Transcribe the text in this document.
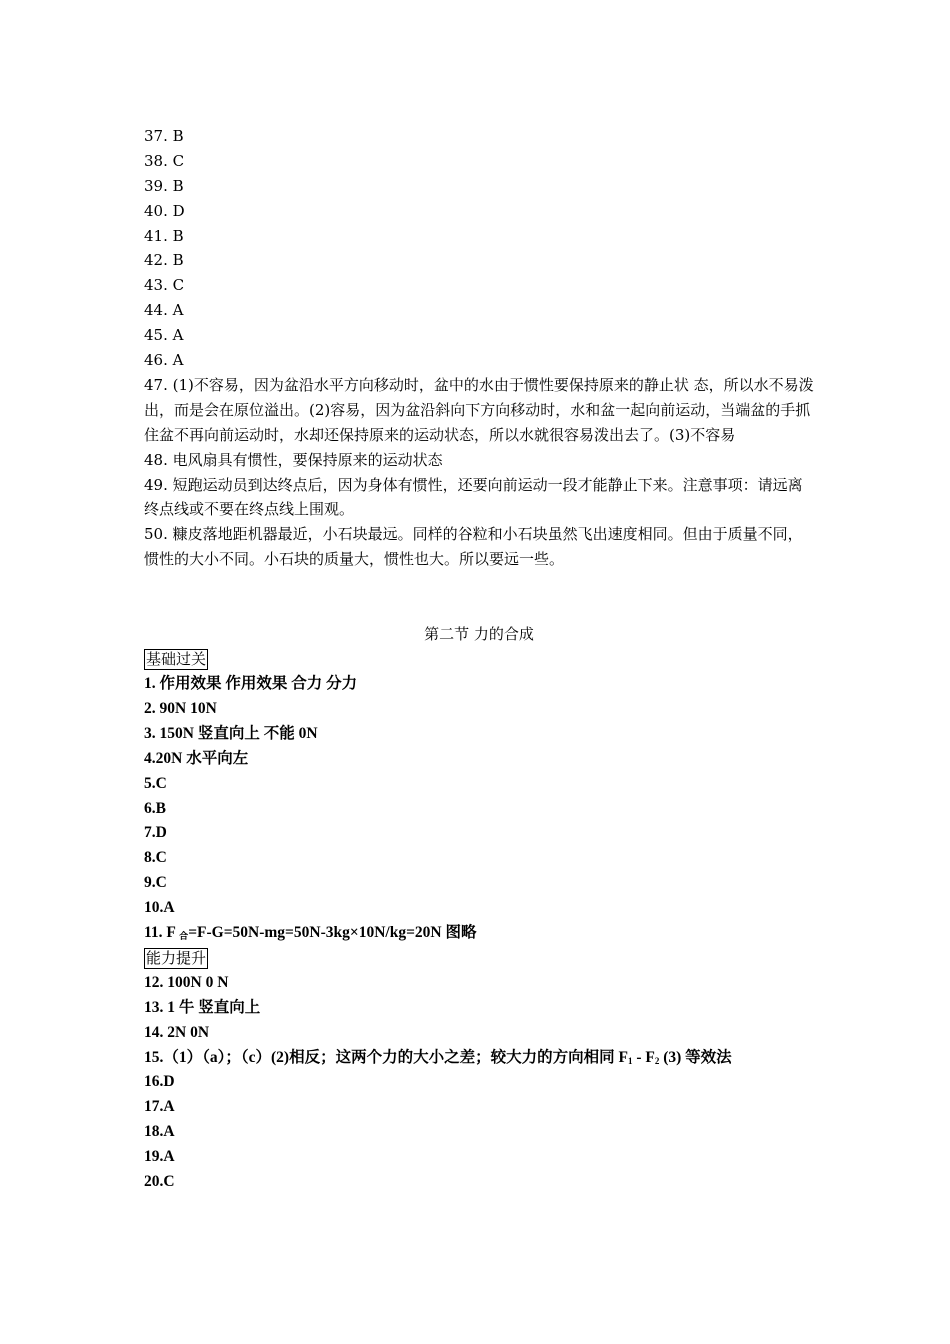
37. B
38. C
39. B
40. D
41. B
42. B
43. C
44. A
45. A
46. A
47. (1)不容易，因为盆沿水平方向移动时，盆中的水由于惯性要保持原来的静止状 态，所以水不易泼出，而是会在原位溢出。(2)容易，因为盆沿斜向下方向移动时，水和盆一起向前运动，当端盆的手抓住盆不再向前运动时，水却还保持原来的运动状态，所以水就很容易泼出去了。(3)不容易
48. 电风扇具有惯性，要保持原来的运动状态
49. 短跑运动员到达终点后，因为身体有惯性，还要向前运动一段才能静止下来。注意事项：请远离终点线或不要在终点线上围观。
50. 糠皮落地距机器最近，小石块最远。同样的谷粒和小石块虽然飞出速度相同。但由于质量不同，惯性的大小不同。小石块的质量大，惯性也大。所以要远一些。
第二节 力的合成
基础过关
1. 作用效果 作用效果 合力 分力
2. 90N 10N
3. 150N 竖直向上 不能 0N
4.20N 水平向左
5.C
6.B
7.D
8.C
9.C
10.A
11. F $_合$=F-G=50N-mg=50N-3kg×10N/kg=20N 图略
能力提升
12. 100N 0 N
13. 1 牛 竖直向上
14. 2N 0N
15.（1）（a）；（c）(2)相反；这两个力的大小之差；较大力的方向相同 $F_1 - F_2$ (3) 等效法
16.D
17.A
18.A
19.A
20.C
